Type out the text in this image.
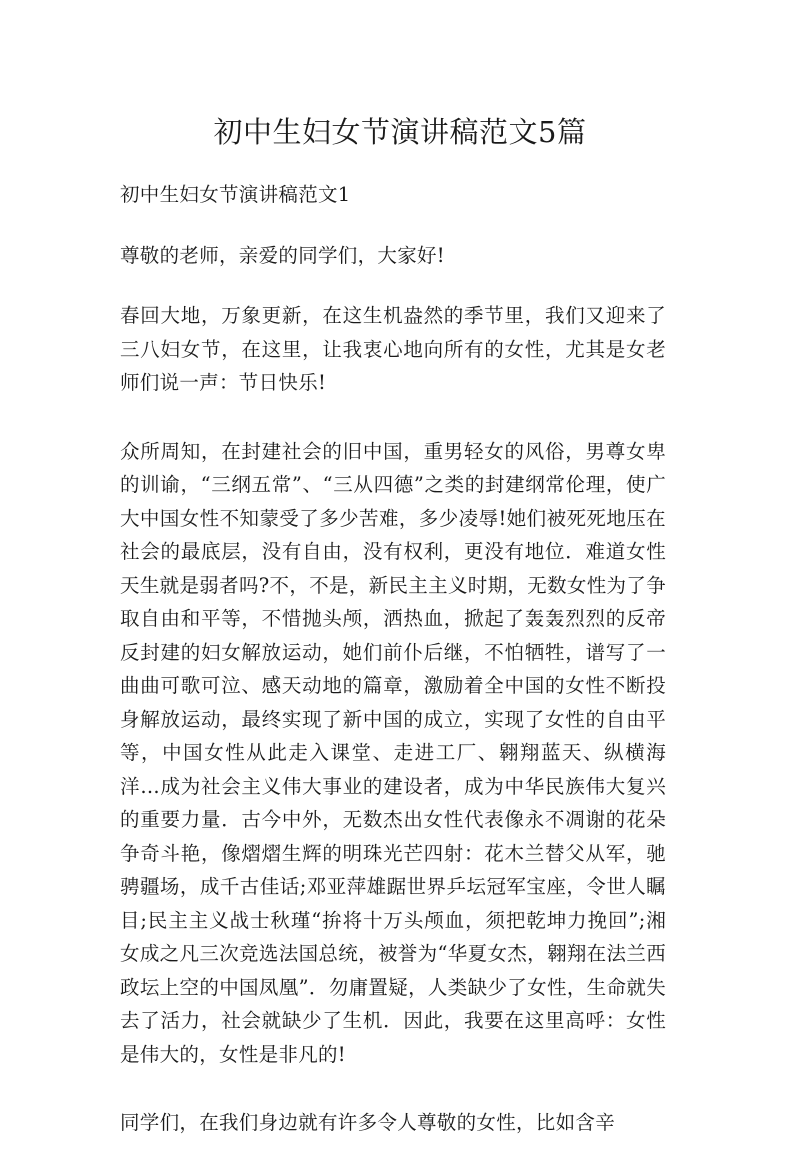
初中生妇女节演讲稿范文5篇

初中生妇女节演讲稿范文1

尊敬的老师，亲爱的同学们，大家好!

春回大地，万象更新，在这生机盎然的季节里，我们又迎来了三八妇女节，在这里，让我衷心地向所有的女性，尤其是女老师们说一声：节日快乐!

众所周知，在封建社会的旧中国，重男轻女的风俗，男尊女卑的训谕，“三纲五常”、“三从四德”之类的封建纲常伦理，使广大中国女性不知蒙受了多少苦难，多少凌辱!她们被死死地压在社会的最底层，没有自由，没有权利，更没有地位．难道女性天生就是弱者吗?不，不是，新民主主义时期，无数女性为了争取自由和平等，不惜抛头颅，洒热血，掀起了轰轰烈烈的反帝反封建的妇女解放运动，她们前仆后继，不怕牺牲，谱写了一曲曲可歌可泣、感天动地的篇章，激励着全中国的女性不断投身解放运动，最终实现了新中国的成立，实现了女性的自由平等，中国女性从此走入课堂、走进工厂、翱翔蓝天、纵横海洋…成为社会主义伟大事业的建设者，成为中华民族伟大复兴的重要力量．古今中外，无数杰出女性代表像永不凋谢的花朵争奇斗艳，像熠熠生辉的明珠光芒四射：花木兰替父从军，驰骋疆场，成千古佳话;邓亚萍雄踞世界乒坛冠军宝座，令世人瞩目;民主主义战士秋瑾“拚将十万头颅血，须把乾坤力挽回”;湘女成之凡三次竞选法国总统，被誉为“华夏女杰，翱翔在法兰西政坛上空的中国凤凰”．勿庸置疑，人类缺少了女性，生命就失去了活力，社会就缺少了生机．因此，我要在这里高呼：女性是伟大的，女性是非凡的!

同学们，在我们身边就有许多令人尊敬的女性，比如含辛
